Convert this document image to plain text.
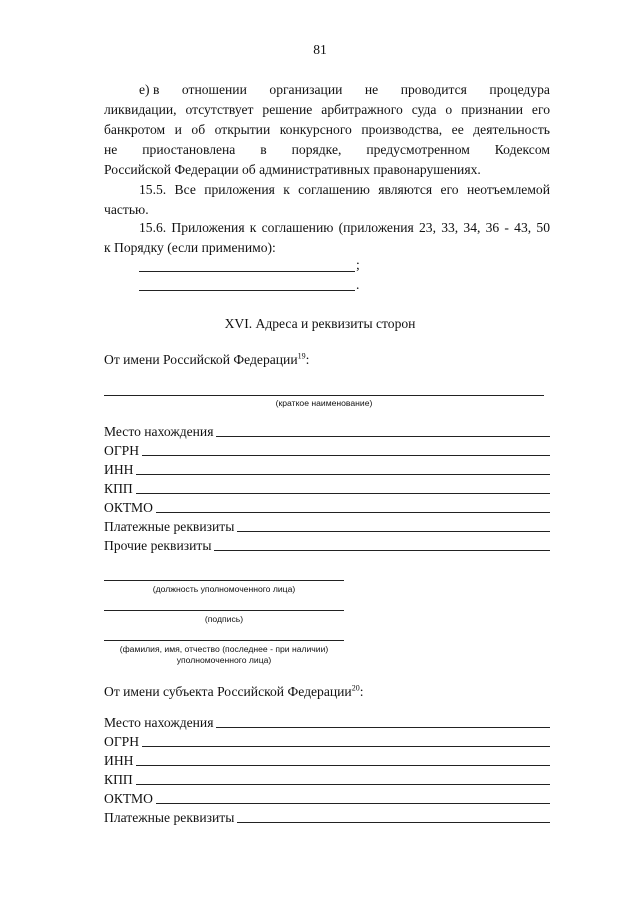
81
е) в отношении организации не проводится процедура
ликвидации, отсутствует решение арбитражного суда о признании его
банкротом и об открытии конкурсного производства, ее деятельность
не приостановлена в порядке, предусмотренном Кодексом
Российской Федерации об административных правонарушениях.
15.5. Все приложения к соглашению являются его неотъемлемой
частью.
15.6. Приложения к соглашению (приложения 23, 33, 34, 36 - 43, 50
к Порядку (если применимо):
;
.
XVI. Адреса и реквизиты сторон
От имени Российской Федерации$^{19}$:
(краткое наименование)
Место нахождения
ОГРН
ИНН
КПП
ОКТМО
Платежные реквизиты
Прочие реквизиты
(должность уполномоченного лица)
(подпись)
(фамилия, имя, отчество (последнее - при наличии)
уполномоченного лица)
От имени субъекта Российской Федерации$^{20}$:
Место нахождения
ОГРН
ИНН
КПП
ОКТМО
Платежные реквизиты
